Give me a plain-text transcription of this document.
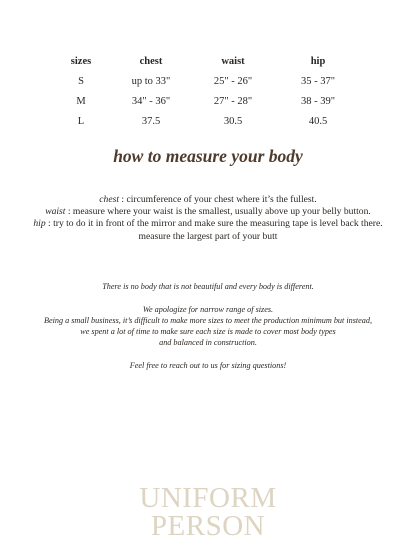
sizes	chest	waist	hip
S	up to 33"	25" - 26"	35 - 37"
M	34" - 36"	27" - 28"	38 - 39"
L	37.5	30.5	40.5
how to measure your body
chest : circumference of your chest where it’s the fullest.
waist : measure where your waist is the smallest, usually above up your belly button.
hip : try to do it in front of the mirror and make sure the measuring tape is level back there.
measure the largest part of your butt
There is no body that is not beautiful and every body is different.
We apologize for narrow range of sizes.
Being a small business, it’s difficult to make more sizes to meet the production minimum but instead,
we spent a lot of time to make sure each size is made to cover most body types
and balanced in construction.
Feel free to reach out to us for sizing questions!
UNIFORM
PERSON
